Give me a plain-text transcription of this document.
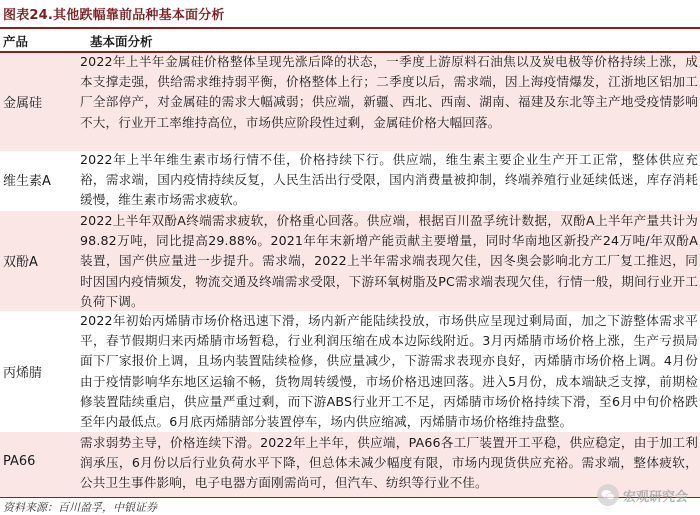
图表24.其他跌幅靠前品种基本面分析
产品	基本面分析
金属硅
2022年上半年金属硅价格整体呈现先涨后降的状态，一季度上游原料石油焦以及炭电极等价格持续上涨，成本支撑走强，供给需求维持弱平衡，价格整体上行；二季度以后，需求端，因上海疫情爆发，江浙地区铝加工厂全部停产，对金属硅的需求大幅减弱；供应端，新疆、西北、西南、湖南、福建及东北等主产地受疫情影响不大，行业开工率维持高位，市场供应阶段性过剩，金属硅价格大幅回落。
维生素A
2022年上半年维生素市场行情不佳，价格持续下行。供应端，维生素主要企业生产开工正常，整体供应充裕，需求端，国内疫情持续反复，人民生活出行受限，国内消费量被抑制，终端养殖行业延续低迷，库存消耗缓慢，维生素市场需求疲软。
双酚A
2022上半年双酚A终端需求疲软，价格重心回落。供应端，根据百川盈孚统计数据，双酚A上半年产量共计为98.82万吨，同比提高29.88%。2021年年末新增产能贡献主要增量，同时华南地区新投产24万吨/年双酚A装置，国产供应量进一步提升。需求端，2022上半年需求端表现欠佳，因冬奥会影响北方工厂复工推迟，同时因国内疫情频发，物流交通及终端需求受限，下游环氧树脂及PC需求端表现欠佳，行情一般，期间行业开工负荷下调。
丙烯腈
2022年初始丙烯腈市场价格迅速下滑，场内新产能陆续投放，市场供应呈现过剩局面，加之下游整体需求平平，春节假期归来丙烯腈市场暂稳，行业利润压缩在成本边际线附近。3月丙烯腈市场价格上涨，生产亏损局面下厂家报价上调，且场内装置陆续检修，供应量减少，下游需求表现亦良好，丙烯腈市场价格上调。4月份由于疫情影响华东地区运输不畅，货物周转缓慢，市场价格迅速回落。进入5月份，成本端缺乏支撑，前期检修装置陆续重启，供应量严重过剩，而下游ABS行业开工不足，丙烯腈市场价格持续下滑，至6月中旬价格跌至年内最低点。6月底丙烯腈部分装置停车，场内供应缩减，丙烯腈市场价格维持盘整。
PA66
需求弱势主导，价格连续下滑。2022年上半年，供应端，PA66各工厂装置开工平稳，供应稳定，由于加工利润承压，6月份以后行业负荷水平下降，但总体未减少幅度有限，市场内现货供应充裕。需求端，整体疲软，公共卫生事件影响，电子电器方面刚需尚可，但汽车、纺织等行业不佳。
资料来源：百川盈孚，中银证券
宏观研究会
